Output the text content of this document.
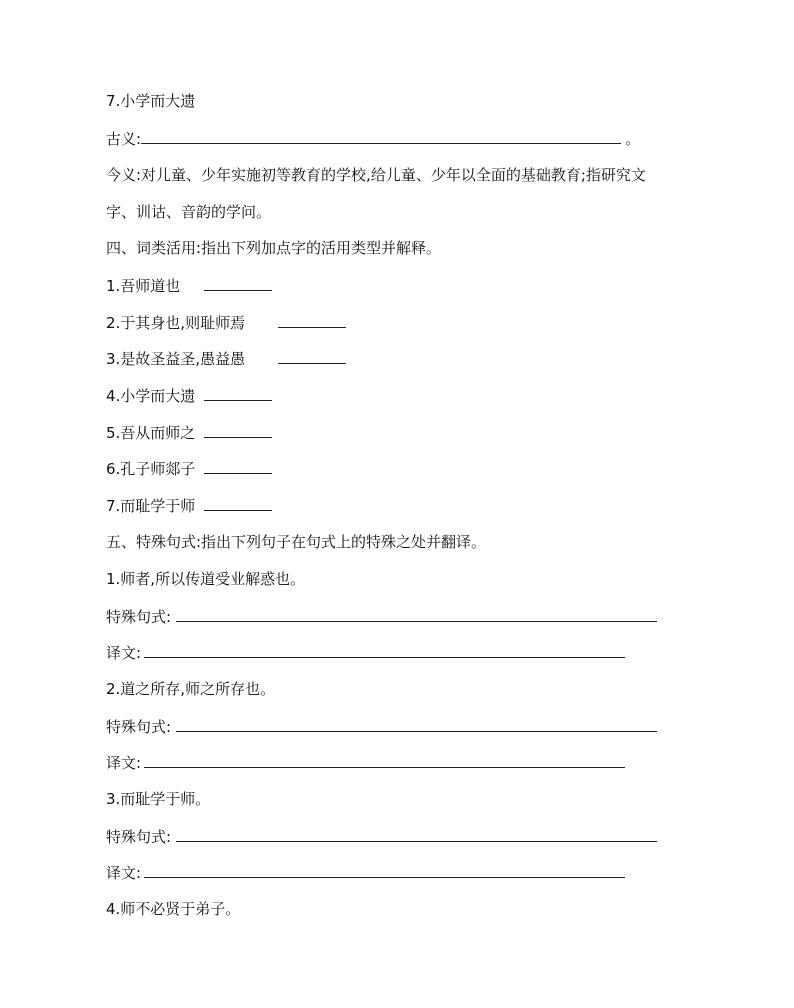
7.小学而大遗
古义:	。
今义:对儿童、少年实施初等教育的学校,给儿童、少年以全面的基础教育;指研究文
字、训诂、音韵的学问。
四、词类活用:指出下列加点字的活用类型并解释。
1.吾师道也
2.于其身也,则耻师焉
3.是故圣益圣,愚益愚
4.小学而大遗
5.吾从而师之
6.孔子师郯子
7.而耻学于师
五、特殊句式:指出下列句子在句式上的特殊之处并翻译。
1.师者,所以传道受业解惑也。
特殊句式:
译文:
2.道之所存,师之所存也。
特殊句式:
译文:
3.而耻学于师。
特殊句式:
译文:
4.师不必贤于弟子。
